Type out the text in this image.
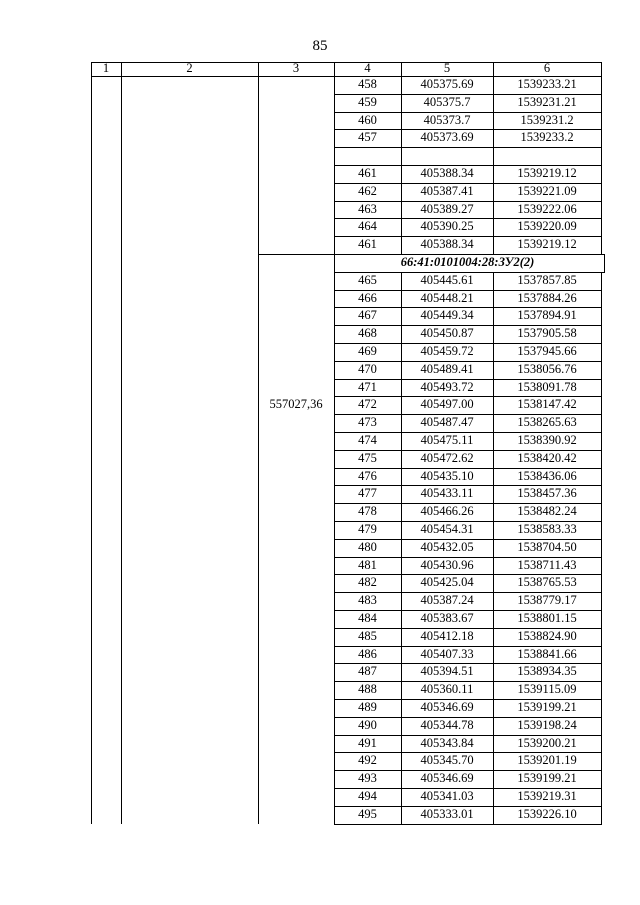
85
1	2	3	4	5	6
458	405375.69	1539233.21
459	405375.7	1539231.21
460	405373.7	1539231.2
457	405373.69	1539233.2
461	405388.34	1539219.12
462	405387.41	1539221.09
463	405389.27	1539222.06
464	405390.25	1539220.09
461	405388.34	1539219.12
66:41:0101004:28:ЗУ2(2)
557027,36
465	405445.61	1537857.85
466	405448.21	1537884.26
467	405449.34	1537894.91
468	405450.87	1537905.58
469	405459.72	1537945.66
470	405489.41	1538056.76
471	405493.72	1538091.78
472	405497.00	1538147.42
473	405487.47	1538265.63
474	405475.11	1538390.92
475	405472.62	1538420.42
476	405435.10	1538436.06
477	405433.11	1538457.36
478	405466.26	1538482.24
479	405454.31	1538583.33
480	405432.05	1538704.50
481	405430.96	1538711.43
482	405425.04	1538765.53
483	405387.24	1538779.17
484	405383.67	1538801.15
485	405412.18	1538824.90
486	405407.33	1538841.66
487	405394.51	1538934.35
488	405360.11	1539115.09
489	405346.69	1539199.21
490	405344.78	1539198.24
491	405343.84	1539200.21
492	405345.70	1539201.19
493	405346.69	1539199.21
494	405341.03	1539219.31
495	405333.01	1539226.10
